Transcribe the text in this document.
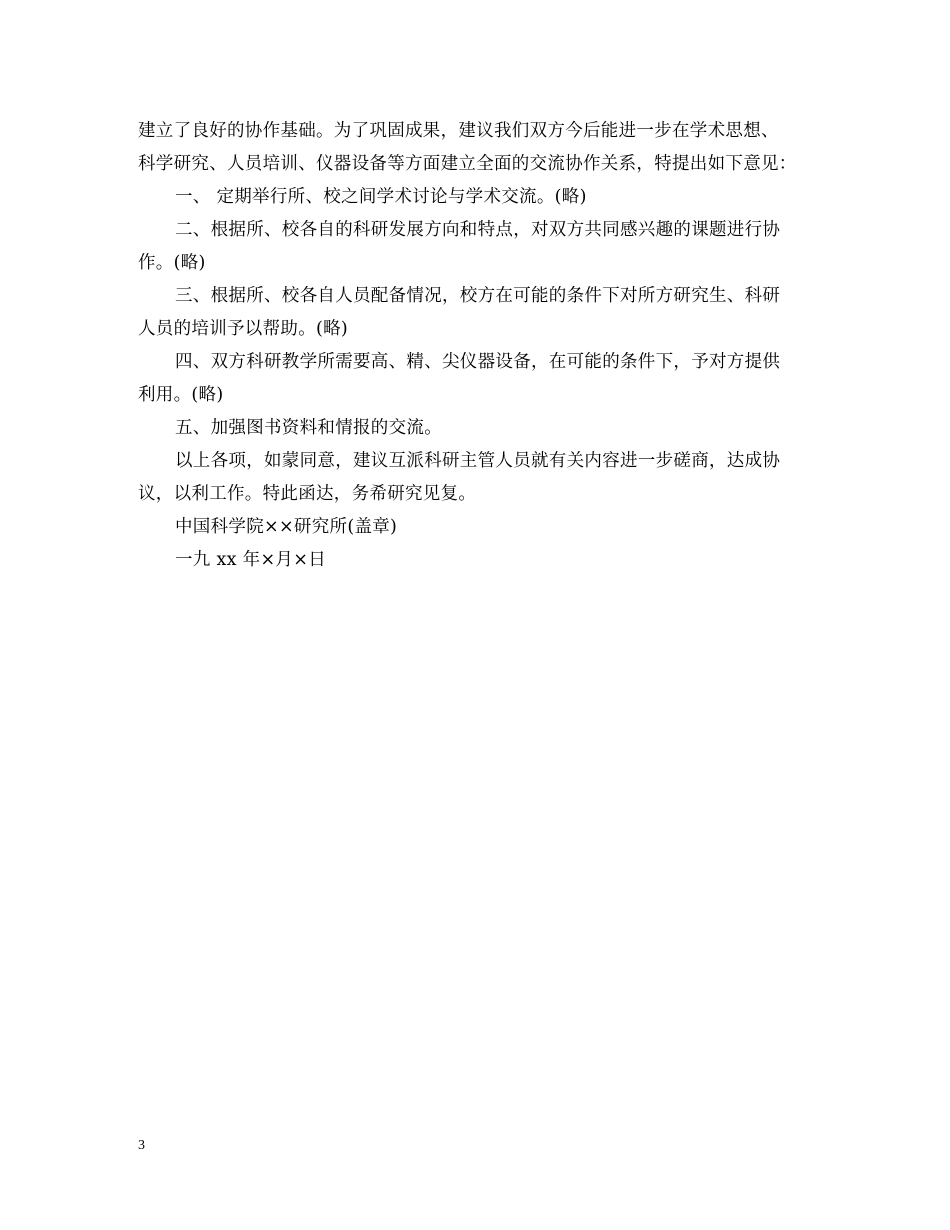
建立了良好的协作基础。为了巩固成果，建议我们双方今后能进一步在学术思想、
科学研究、人员培训、仪器设备等方面建立全面的交流协作关系，特提出如下意见：
一、 定期举行所、校之间学术讨论与学术交流。(略)
二、根据所、校各自的科研发展方向和特点，对双方共同感兴趣的课题进行协
作。(略)
三、根据所、校各自人员配备情况，校方在可能的条件下对所方研究生、科研
人员的培训予以帮助。(略)
四、双方科研教学所需要高、精、尖仪器设备，在可能的条件下，予对方提供
利用。(略)
五、加强图书资料和情报的交流。
以上各项，如蒙同意，建议互派科研主管人员就有关内容进一步磋商，达成协
议，以利工作。特此函达，务希研究见复。
中国科学院××研究所(盖章)
一九 xx 年×月×日
3
